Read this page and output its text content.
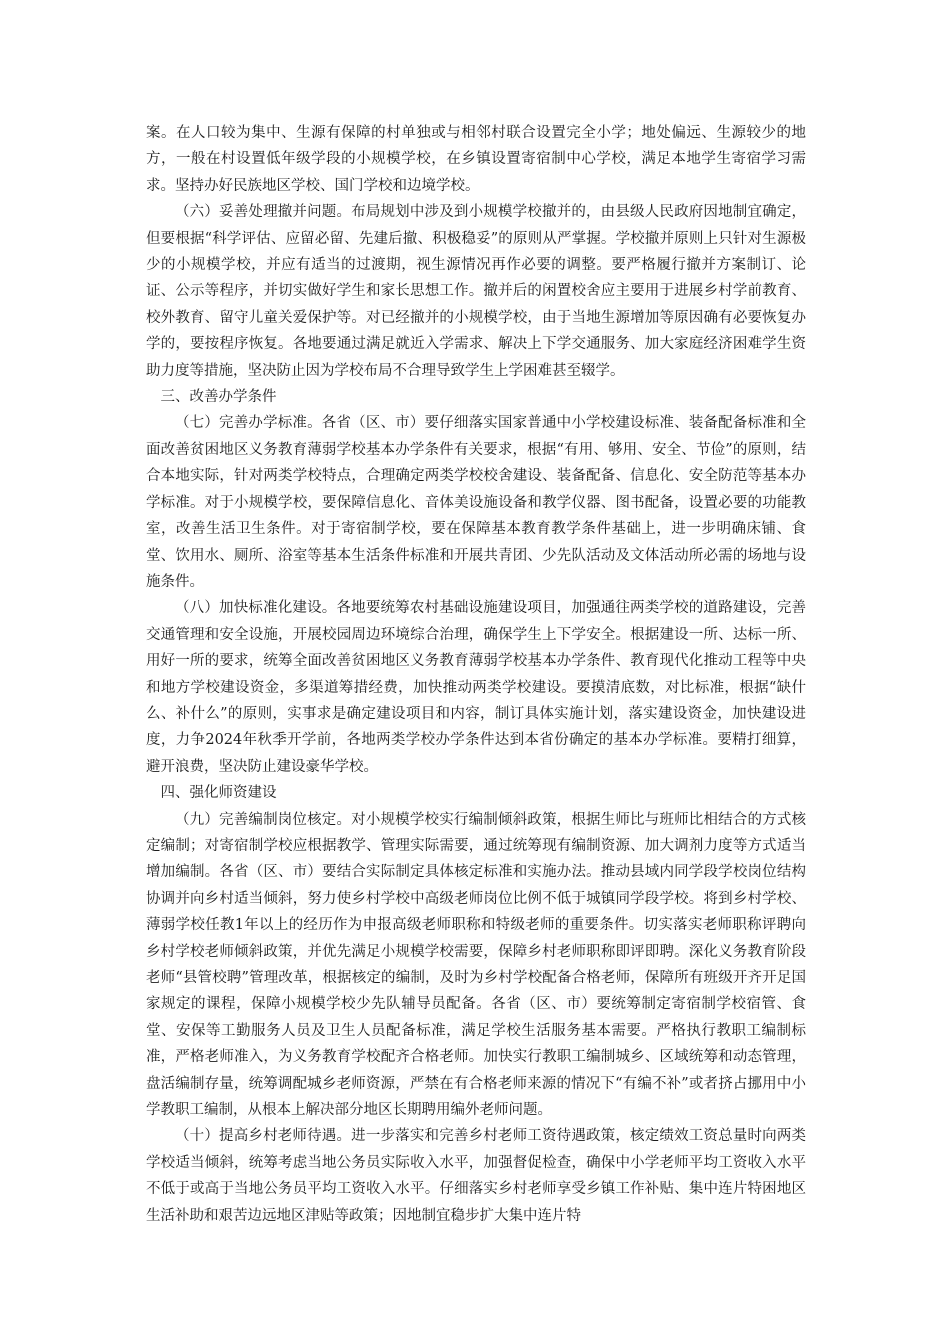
案。在人口较为集中、生源有保障的村单独或与相邻村联合设置完全小学；地处偏远、生源较少的地方，一般在村设置低年级学段的小规模学校，在乡镇设置寄宿制中心学校，满足本地学生寄宿学习需求。坚持办好民族地区学校、国门学校和边境学校。

（六）妥善处理撤并问题。布局规划中涉及到小规模学校撤并的，由县级人民政府因地制宜确定，但要根据“科学评估、应留必留、先建后撤、积极稳妥”的原则从严掌握。学校撤并原则上只针对生源极少的小规模学校，并应有适当的过渡期，视生源情况再作必要的调整。要严格履行撤并方案制订、论证、公示等程序，并切实做好学生和家长思想工作。撤并后的闲置校舍应主要用于进展乡村学前教育、校外教育、留守儿童关爱保护等。对已经撤并的小规模学校，由于当地生源增加等原因确有必要恢复办学的，要按程序恢复。各地要通过满足就近入学需求、解决上下学交通服务、加大家庭经济困难学生资助力度等措施，坚决防止因为学校布局不合理导致学生上学困难甚至辍学。

三、改善办学条件

（七）完善办学标准。各省（区、市）要仔细落实国家普通中小学校建设标准、装备配备标准和全面改善贫困地区义务教育薄弱学校基本办学条件有关要求，根据“有用、够用、安全、节俭”的原则，结合本地实际，针对两类学校特点，合理确定两类学校校舍建设、装备配备、信息化、安全防范等基本办学标准。对于小规模学校，要保障信息化、音体美设施设备和教学仪器、图书配备，设置必要的功能教室，改善生活卫生条件。对于寄宿制学校，要在保障基本教育教学条件基础上，进一步明确床铺、食堂、饮用水、厕所、浴室等基本生活条件标准和开展共青团、少先队活动及文体活动所必需的场地与设施条件。

（八）加快标准化建设。各地要统筹农村基础设施建设项目，加强通往两类学校的道路建设，完善交通管理和安全设施，开展校园周边环境综合治理，确保学生上下学安全。根据建设一所、达标一所、用好一所的要求，统筹全面改善贫困地区义务教育薄弱学校基本办学条件、教育现代化推动工程等中央和地方学校建设资金，多渠道筹措经费，加快推动两类学校建设。要摸清底数，对比标准，根据“缺什么、补什么”的原则，实事求是确定建设项目和内容，制订具体实施计划，落实建设资金，加快建设进度，力争2024年秋季开学前，各地两类学校办学条件达到本省份确定的基本办学标准。要精打细算，避开浪费，坚决防止建设豪华学校。

四、强化师资建设

（九）完善编制岗位核定。对小规模学校实行编制倾斜政策，根据生师比与班师比相结合的方式核定编制；对寄宿制学校应根据教学、管理实际需要，通过统筹现有编制资源、加大调剂力度等方式适当增加编制。各省（区、市）要结合实际制定具体核定标准和实施办法。推动县域内同学段学校岗位结构协调并向乡村适当倾斜，努力使乡村学校中高级老师岗位比例不低于城镇同学段学校。将到乡村学校、薄弱学校任教1年以上的经历作为申报高级老师职称和特级老师的重要条件。切实落实老师职称评聘向乡村学校老师倾斜政策，并优先满足小规模学校需要，保障乡村老师职称即评即聘。深化义务教育阶段老师“县管校聘”管理改革，根据核定的编制，及时为乡村学校配备合格老师，保障所有班级开齐开足国家规定的课程，保障小规模学校少先队辅导员配备。各省（区、市）要统筹制定寄宿制学校宿管、食堂、安保等工勤服务人员及卫生人员配备标准，满足学校生活服务基本需要。严格执行教职工编制标准，严格老师准入，为义务教育学校配齐合格老师。加快实行教职工编制城乡、区域统筹和动态管理，盘活编制存量，统筹调配城乡老师资源，严禁在有合格老师来源的情况下“有编不补”或者挤占挪用中小学教职工编制，从根本上解决部分地区长期聘用编外老师问题。

（十）提高乡村老师待遇。进一步落实和完善乡村老师工资待遇政策，核定绩效工资总量时向两类学校适当倾斜，统筹考虑当地公务员实际收入水平，加强督促检查，确保中小学老师平均工资收入水平不低于或高于当地公务员平均工资收入水平。仔细落实乡村老师享受乡镇工作补贴、集中连片特困地区生活补助和艰苦边远地区津贴等政策；因地制宜稳步扩大集中连片特
